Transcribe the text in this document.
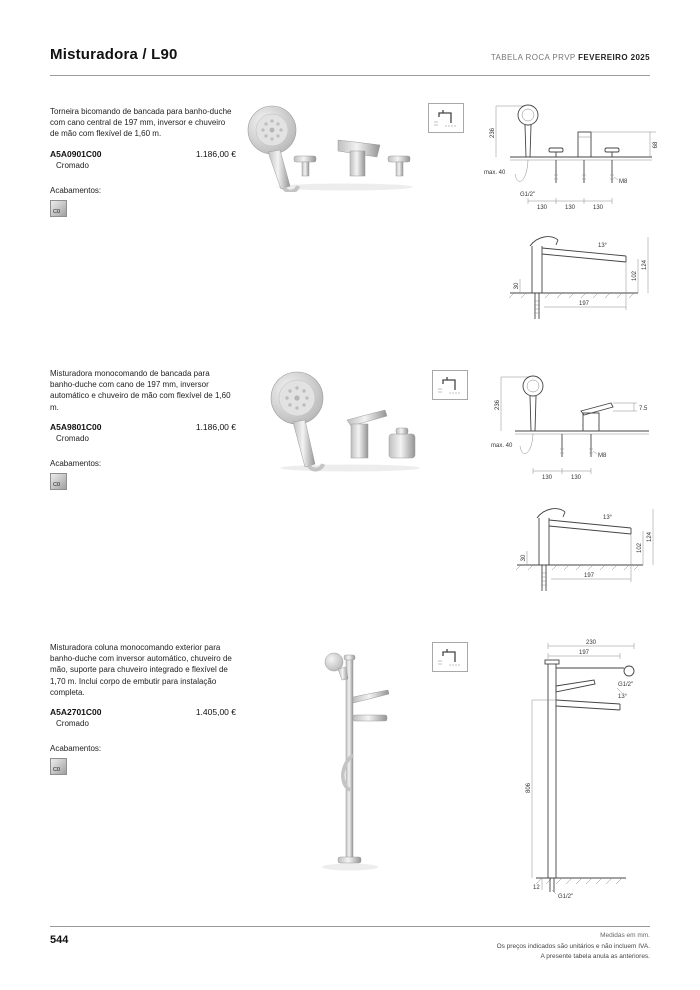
Misturadora / L90	TABELA ROCA PRVP FEVEREIRO 2025

Torneira bicomando de bancada para banho-duche com cano central de 197 mm, inversor e chuveiro de mão com flexível de 1,60 m.

A5A0901C00	1.186,00 €
Cromado
Acabamentos:
C0
236
68
max. 40
M8
G1/2"
130	130	130
197
124
102
30
13°

Misturadora monocomando de bancada para banho-duche com cano de 197 mm, inversor automático e chuveiro de mão com flexível de 1,60 m.

A5A9801C00	1.186,00 €
Cromado
Acabamentos:
C0
236	7.5
max. 40
M8
130	130
197
124
102
30
13°

Misturadora coluna monocomando exterior para banho-duche com inversor automático, chuveiro de mão, suporte para chuveiro integrado e flexível de 1,70 m. Inclui corpo de embutir para instalação completa.

A5A2701C00	1.405,00 €
Cromado
Acabamentos:
C0
230
197
G1/2"
13°
806
12
G1/2"
544	Medidas em mm.
Os preços indicados são unitários e não incluem IVA.
A presente tabela anula as anteriores.
